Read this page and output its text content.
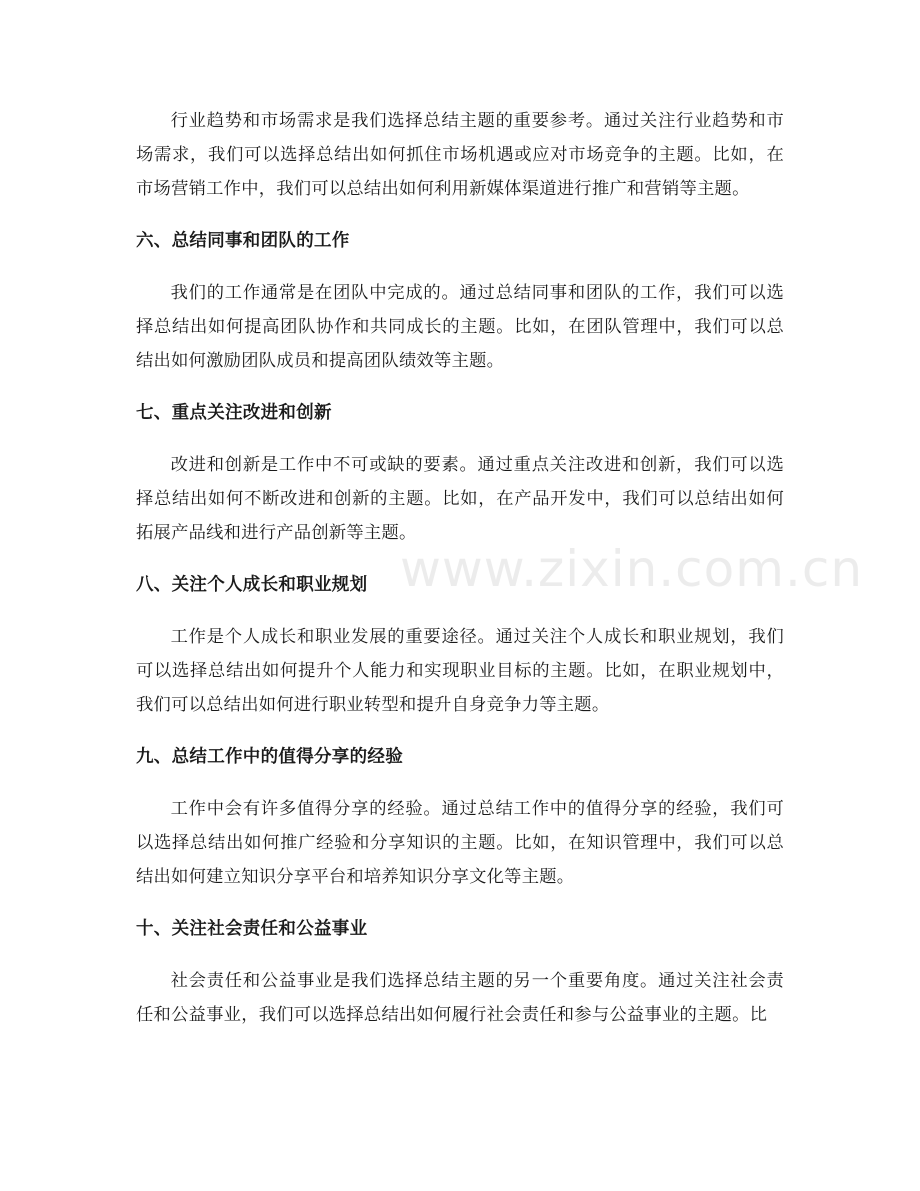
行业趋势和市场需求是我们选择总结主题的重要参考。通过关注行业趋势和市场需求，我们可以选择总结出如何抓住市场机遇或应对市场竞争的主题。比如，在市场营销工作中，我们可以总结出如何利用新媒体渠道进行推广和营销等主题。

六、总结同事和团队的工作

我们的工作通常是在团队中完成的。通过总结同事和团队的工作，我们可以选择总结出如何提高团队协作和共同成长的主题。比如，在团队管理中，我们可以总结出如何激励团队成员和提高团队绩效等主题。

七、重点关注改进和创新

改进和创新是工作中不可或缺的要素。通过重点关注改进和创新，我们可以选择总结出如何不断改进和创新的主题。比如，在产品开发中，我们可以总结出如何拓展产品线和进行产品创新等主题。

八、关注个人成长和职业规划

工作是个人成长和职业发展的重要途径。通过关注个人成长和职业规划，我们可以选择总结出如何提升个人能力和实现职业目标的主题。比如，在职业规划中，我们可以总结出如何进行职业转型和提升自身竞争力等主题。

九、总结工作中的值得分享的经验

工作中会有许多值得分享的经验。通过总结工作中的值得分享的经验，我们可以选择总结出如何推广经验和分享知识的主题。比如，在知识管理中，我们可以总结出如何建立知识分享平台和培养知识分享文化等主题。

十、关注社会责任和公益事业

社会责任和公益事业是我们选择总结主题的另一个重要角度。通过关注社会责任和公益事业，我们可以选择总结出如何履行社会责任和参与公益事业的主题。比

www.zixin.com.cn
